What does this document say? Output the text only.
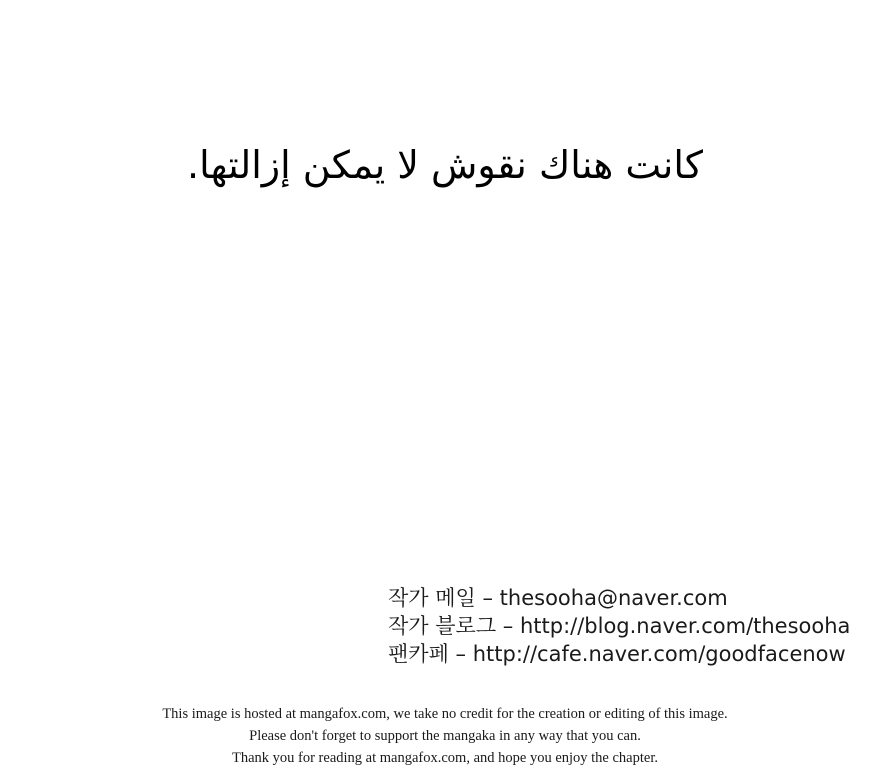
كانت هناك نقوش لا يمكن إزالتها.
작가 메일 – thesooha@naver.com
작가 블로그 – http://blog.naver.com/thesooha
팬카페 – http://cafe.naver.com/goodfacenow
This image is hosted at mangafox.com, we take no credit for the creation or editing of this image.
Please don't forget to support the mangaka in any way that you can.
Thank you for reading at mangafox.com, and hope you enjoy the chapter.
